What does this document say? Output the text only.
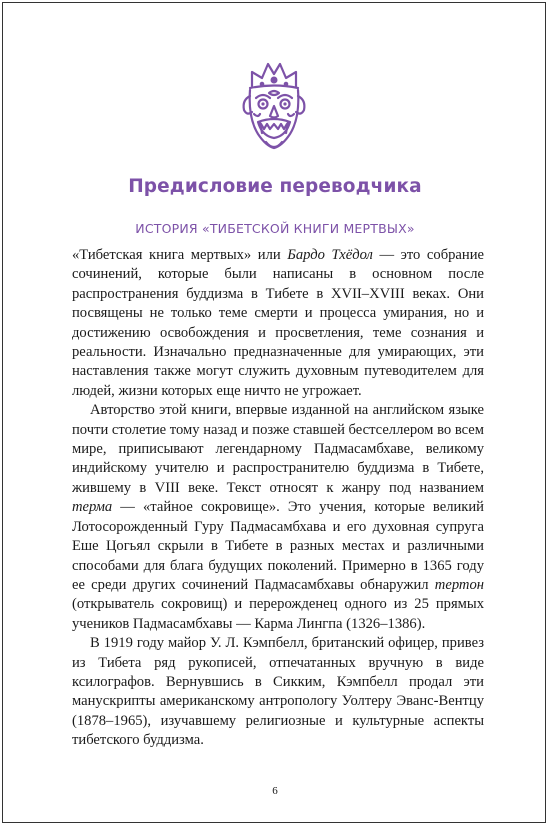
Предисловие переводчика
ИСТОРИЯ «ТИБЕТСКОЙ КНИГИ МЕРТВЫХ»

«Тибетская книга мертвых» или Бардо Тхёдол — это собрание сочинений, которые были написаны в основном после распространения буддизма в Тибете в XVII–XVIII веках. Они посвящены не только теме смерти и процесса умирания, но и достижению освобождения и просветления, теме сознания и реальности. Изначально предназначенные для умирающих, эти наставления также могут служить духовным путеводителем для людей, жизни которых еще ничто не угрожает.

Авторство этой книги, впервые изданной на английском языке почти столетие тому назад и позже ставшей бестселлером во всем мире, приписывают легендарному Падмасамбхаве, великому индийскому учителю и распространителю буддизма в Тибете, жившему в VIII веке. Текст относят к жанру под названием терма — «тайное сокровище». Это учения, которые великий Лотосорожденный Гуру Падмасамбхава и его духовная супруга Еше Цогьял скрыли в Тибете в разных местах и различными способами для блага будущих поколений. Примерно в 1365 году ее среди других сочинений Падмасамбхавы обнаружил тертон (открыватель сокровищ) и перерожденец одного из 25 прямых учеников Падмасамбхавы — Карма Лингпа (1326–1386).

В 1919 году майор У. Л. Кэмпбелл, британский офицер, привез из Тибета ряд рукописей, отпечатанных вручную в виде ксилографов. Вернувшись в Сикким, Кэмпбелл продал эти манускрипты американскому антропологу Уолтеру Эванс-Вентцу (1878–1965), изучавшему религиозные и культурные аспекты тибетского буддизма.

6
